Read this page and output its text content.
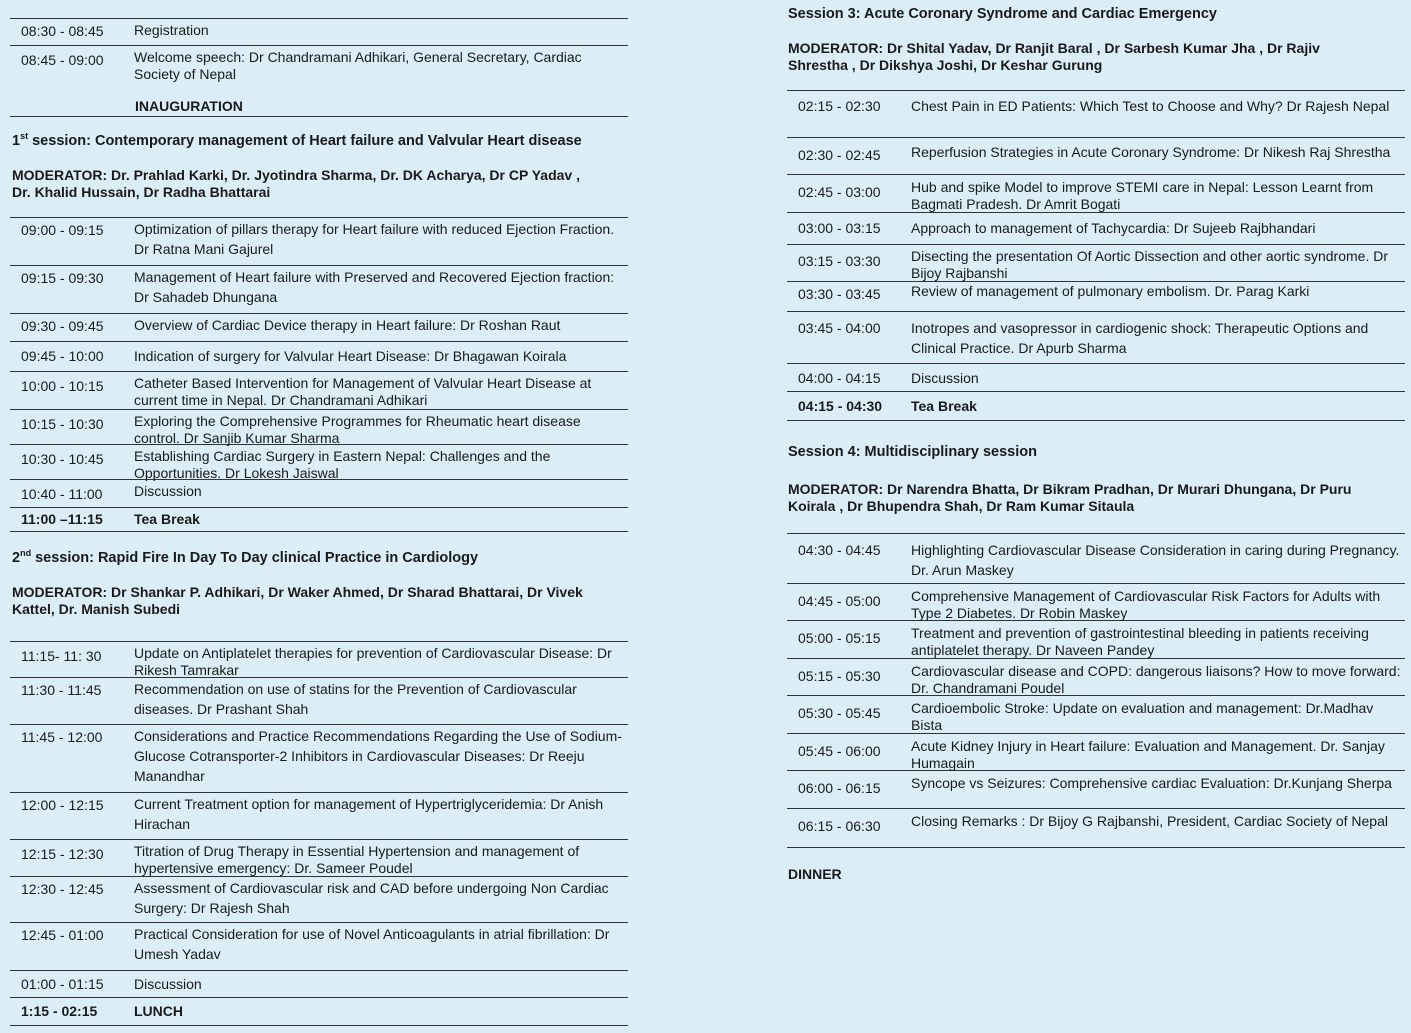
08:30 - 08:45	Registration
08:45 - 09:00	Welcome speech: Dr Chandramani Adhikari, General Secretary, Cardiac Society of Nepal
INAUGURATION
1st session: Contemporary management of Heart failure and Valvular Heart disease
MODERATOR: Dr. Prahlad Karki, Dr. Jyotindra Sharma, Dr. DK Acharya, Dr CP Yadav , Dr. Khalid Hussain, Dr Radha Bhattarai
09:00 - 09:15	Optimization of pillars therapy for Heart failure with reduced Ejection Fraction. Dr Ratna Mani Gajurel
09:15 - 09:30	Management of Heart failure with Preserved and Recovered Ejection fraction: Dr Sahadeb Dhungana
09:30 - 09:45	Overview of Cardiac Device therapy in Heart failure: Dr Roshan Raut
09:45 - 10:00	Indication of surgery for Valvular Heart Disease: Dr Bhagawan Koirala
10:00 - 10:15	Catheter Based Intervention for Management of Valvular Heart Disease at current time in Nepal. Dr Chandramani Adhikari
10:15 - 10:30	Exploring the Comprehensive Programmes for Rheumatic heart disease control. Dr Sanjib Kumar Sharma
10:30 - 10:45	Establishing Cardiac Surgery in Eastern Nepal: Challenges and the Opportunities. Dr Lokesh Jaiswal
10:40 - 11:00	Discussion
11:00 –11:15	Tea Break
2nd session: Rapid Fire In Day To Day clinical Practice in Cardiology
MODERATOR: Dr Shankar P. Adhikari, Dr Waker Ahmed, Dr Sharad Bhattarai, Dr Vivek Kattel, Dr. Manish Subedi
11:15- 11: 30	Update on Antiplatelet therapies for prevention of Cardiovascular Disease: Dr Rikesh Tamrakar
11:30 - 11:45	Recommendation on use of statins for the Prevention of Cardiovascular diseases. Dr Prashant Shah
11:45 - 12:00	Considerations and Practice Recommendations Regarding the Use of Sodium-Glucose Cotransporter-2 Inhibitors in Cardiovascular Diseases: Dr Reeju Manandhar
12:00 - 12:15	Current Treatment option for management of Hypertriglyceridemia: Dr Anish Hirachan
12:15 - 12:30	Titration of Drug Therapy in Essential Hypertension and management of hypertensive emergency: Dr. Sameer Poudel
12:30 - 12:45	Assessment of Cardiovascular risk and CAD before undergoing Non Cardiac Surgery: Dr Rajesh Shah
12:45 - 01:00	Practical Consideration for use of Novel Anticoagulants in atrial fibrillation: Dr Umesh Yadav
01:00 - 01:15	Discussion
1:15 - 02:15	LUNCH
Session 3: Acute Coronary Syndrome and Cardiac Emergency
MODERATOR: Dr Shital Yadav, Dr Ranjit Baral , Dr Sarbesh Kumar Jha , Dr Rajiv Shrestha , Dr Dikshya Joshi, Dr Keshar Gurung
02:15 - 02:30	Chest Pain in ED Patients: Which Test to Choose and Why? Dr Rajesh Nepal
02:30 - 02:45	Reperfusion Strategies in Acute Coronary Syndrome: Dr Nikesh Raj Shrestha
02:45 - 03:00	Hub and spike Model to improve STEMI care in Nepal: Lesson Learnt from Bagmati Pradesh. Dr Amrit Bogati
03:00 - 03:15	Approach to management of Tachycardia: Dr Sujeeb Rajbhandari
03:15 - 03:30	Disecting the presentation Of Aortic Dissection and other aortic syndrome. Dr Bijoy Rajbanshi
03:30 - 03:45	Review of management of pulmonary embolism. Dr. Parag Karki
03:45 - 04:00	Inotropes and vasopressor in cardiogenic shock: Therapeutic Options and Clinical Practice. Dr Apurb Sharma
04:00 - 04:15	Discussion
04:15 - 04:30	Tea Break
Session 4: Multidisciplinary session
MODERATOR: Dr Narendra Bhatta, Dr Bikram Pradhan, Dr Murari Dhungana, Dr Puru Koirala , Dr Bhupendra Shah, Dr Ram Kumar Sitaula
04:30 - 04:45	Highlighting Cardiovascular Disease Consideration in caring during Pregnancy. Dr. Arun Maskey
04:45 - 05:00	Comprehensive Management of Cardiovascular Risk Factors for Adults with Type 2 Diabetes. Dr Robin Maskey
05:00 - 05:15	Treatment and prevention of gastrointestinal bleeding in patients receiving antiplatelet therapy. Dr Naveen Pandey
05:15 - 05:30	Cardiovascular disease and COPD: dangerous liaisons? How to move forward: Dr. Chandramani Poudel
05:30 - 05:45	Cardioembolic Stroke: Update on evaluation and management: Dr.Madhav Bista
05:45 - 06:00	Acute Kidney Injury in Heart failure: Evaluation and Management. Dr. Sanjay Humagain
06:00 - 06:15	Syncope vs Seizures: Comprehensive cardiac Evaluation: Dr.Kunjang Sherpa
06:15 - 06:30	Closing Remarks : Dr Bijoy G Rajbanshi, President, Cardiac Society of Nepal
DINNER
